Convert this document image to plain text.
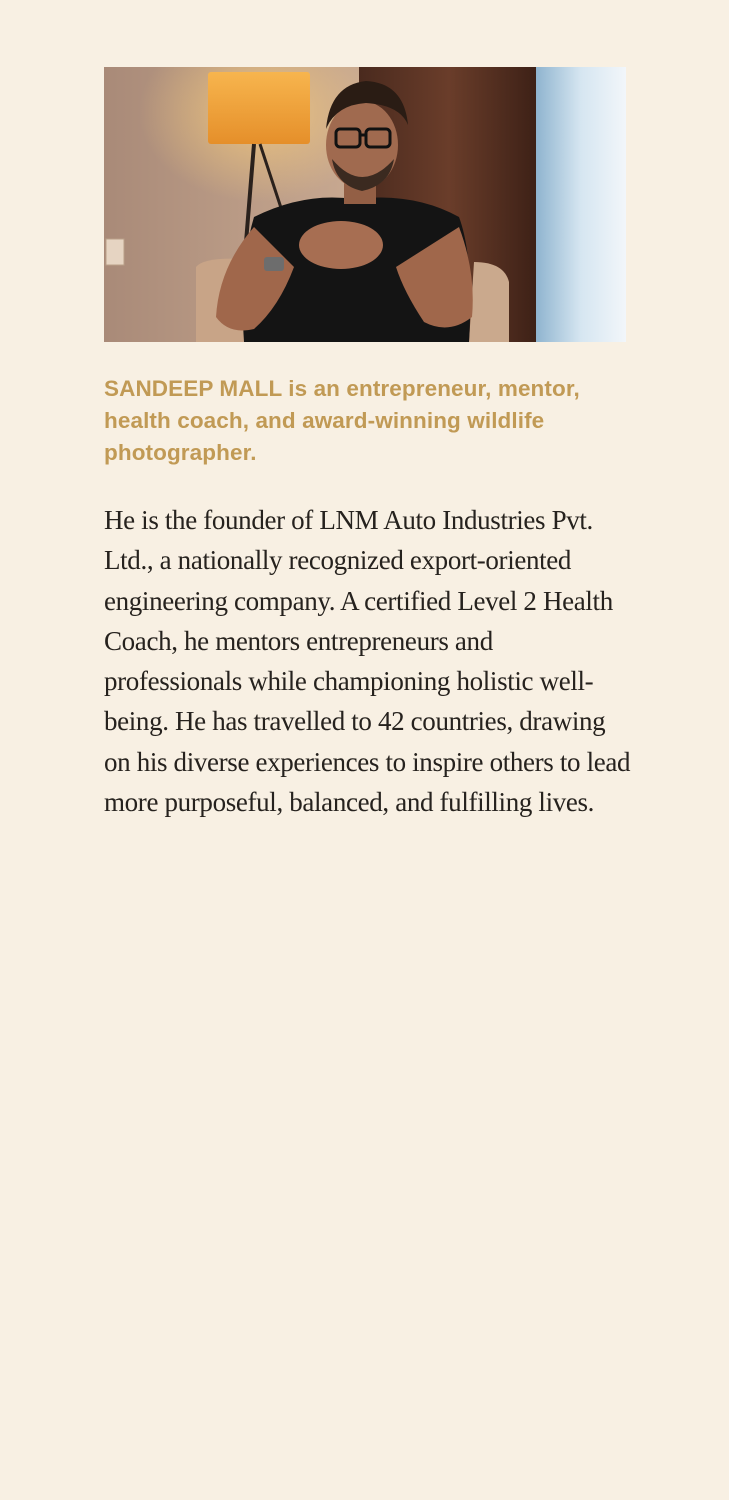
SANDEEP MALL is an entrepreneur, mentor, health coach, and award-winning wildlife photographer.
He is the founder of LNM Auto Industries Pvt. Ltd., a nationally recognized export-oriented engineering company. A certified Level 2 Health Coach, he mentors entrepreneurs and professionals while championing holistic well-being. He has travelled to 42 countries, drawing on his diverse experiences to inspire others to lead more purposeful, balanced, and fulfilling lives.
